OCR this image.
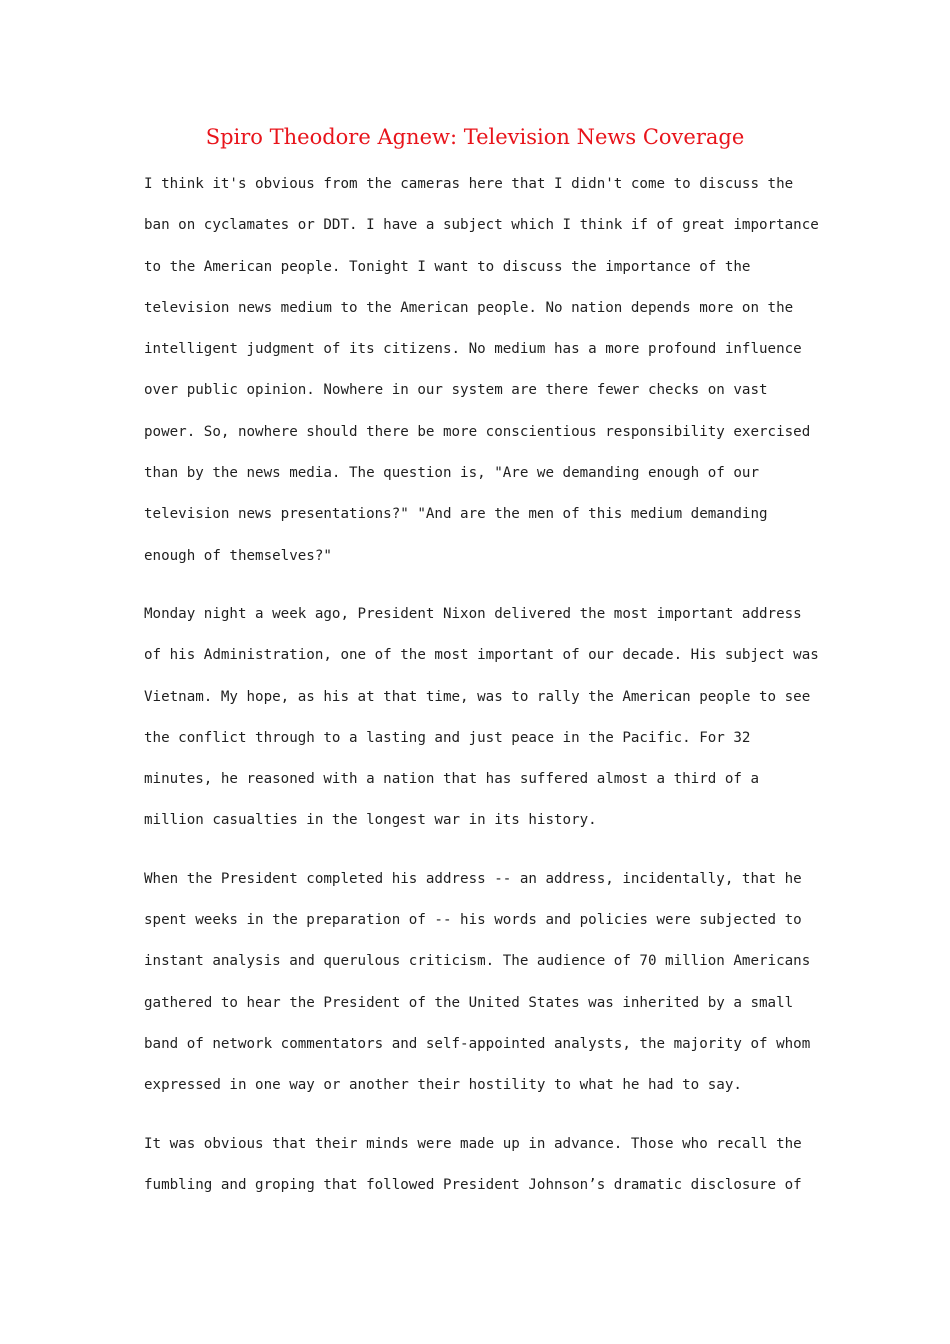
Spiro Theodore Agnew: Television News Coverage
I think it's obvious from the cameras here that I didn't come to discuss the
ban on cyclamates or DDT. I have a subject which I think if of great importance
to the American people. Tonight I want to discuss the importance of the
television news medium to the American people. No nation depends more on the
intelligent judgment of its citizens. No medium has a more profound influence
over public opinion. Nowhere in our system are there fewer checks on vast
power. So, nowhere should there be more conscientious responsibility exercised
than by the news media. The question is, "Are we demanding enough of our
television news presentations?" "And are the men of this medium demanding
enough of themselves?"
Monday night a week ago, President Nixon delivered the most important address
of his Administration, one of the most important of our decade. His subject was
Vietnam. My hope, as his at that time, was to rally the American people to see
the conflict through to a lasting and just peace in the Pacific. For 32
minutes, he reasoned with a nation that has suffered almost a third of a
million casualties in the longest war in its history.
When the President completed his address -- an address, incidentally, that he
spent weeks in the preparation of -- his words and policies were subjected to
instant analysis and querulous criticism. The audience of 70 million Americans
gathered to hear the President of the United States was inherited by a small
band of network commentators and self-appointed analysts, the majority of whom
expressed in one way or another their hostility to what he had to say.
It was obvious that their minds were made up in advance. Those who recall the
fumbling and groping that followed President Johnson’s dramatic disclosure of
